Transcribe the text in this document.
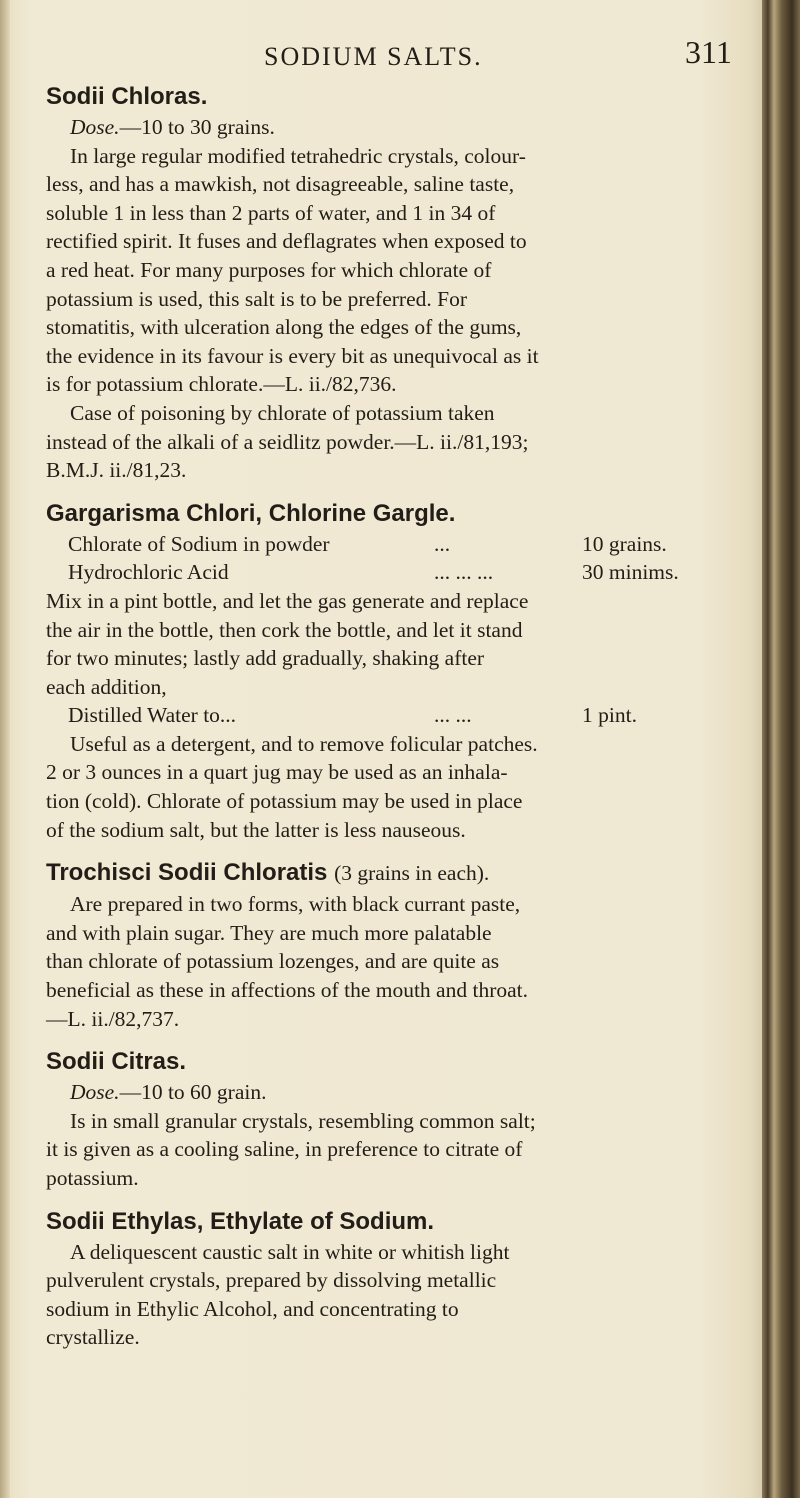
SODIUM SALTS.	311
Sodii Chloras.
Dose.—10 to 30 grains.
In large regular modified tetrahedric crystals, colour-
less, and has a mawkish, not disagreeable, saline taste,
soluble 1 in less than 2 parts of water, and 1 in 34 of
rectified spirit. It fuses and deflagrates when exposed to
a red heat. For many purposes for which chlorate of
potassium is used, this salt is to be preferred. For
stomatitis, with ulceration along the edges of the gums,
the evidence in its favour is every bit as unequivocal as it
is for potassium chlorate.—L. ii./82,736.
Case of poisoning by chlorate of potassium taken
instead of the alkali of a seidlitz powder.—L. ii./81,193;
B.M.J. ii./81,23.
Gargarisma Chlori, Chlorine Gargle.
Chlorate of Sodium in powder	...	10 grains.
Hydrochloric Acid	... ... ...	30 minims.
Mix in a pint bottle, and let the gas generate and replace
the air in the bottle, then cork the bottle, and let it stand
for two minutes; lastly add gradually, shaking after
each addition,
Distilled Water to...	... ...	1 pint.
Useful as a detergent, and to remove folicular patches.
2 or 3 ounces in a quart jug may be used as an inhala-
tion (cold). Chlorate of potassium may be used in place
of the sodium salt, but the latter is less nauseous.
Trochisci Sodii Chloratis (3 grains in each).
Are prepared in two forms, with black currant paste,
and with plain sugar. They are much more palatable
than chlorate of potassium lozenges, and are quite as
beneficial as these in affections of the mouth and throat.
—L. ii./82,737.
Sodii Citras.
Dose.—10 to 60 grain.
Is in small granular crystals, resembling common salt;
it is given as a cooling saline, in preference to citrate of
potassium.
Sodii Ethylas, Ethylate of Sodium.
A deliquescent caustic salt in white or whitish light
pulverulent crystals, prepared by dissolving metallic
sodium in Ethylic Alcohol, and concentrating to
crystallize.
